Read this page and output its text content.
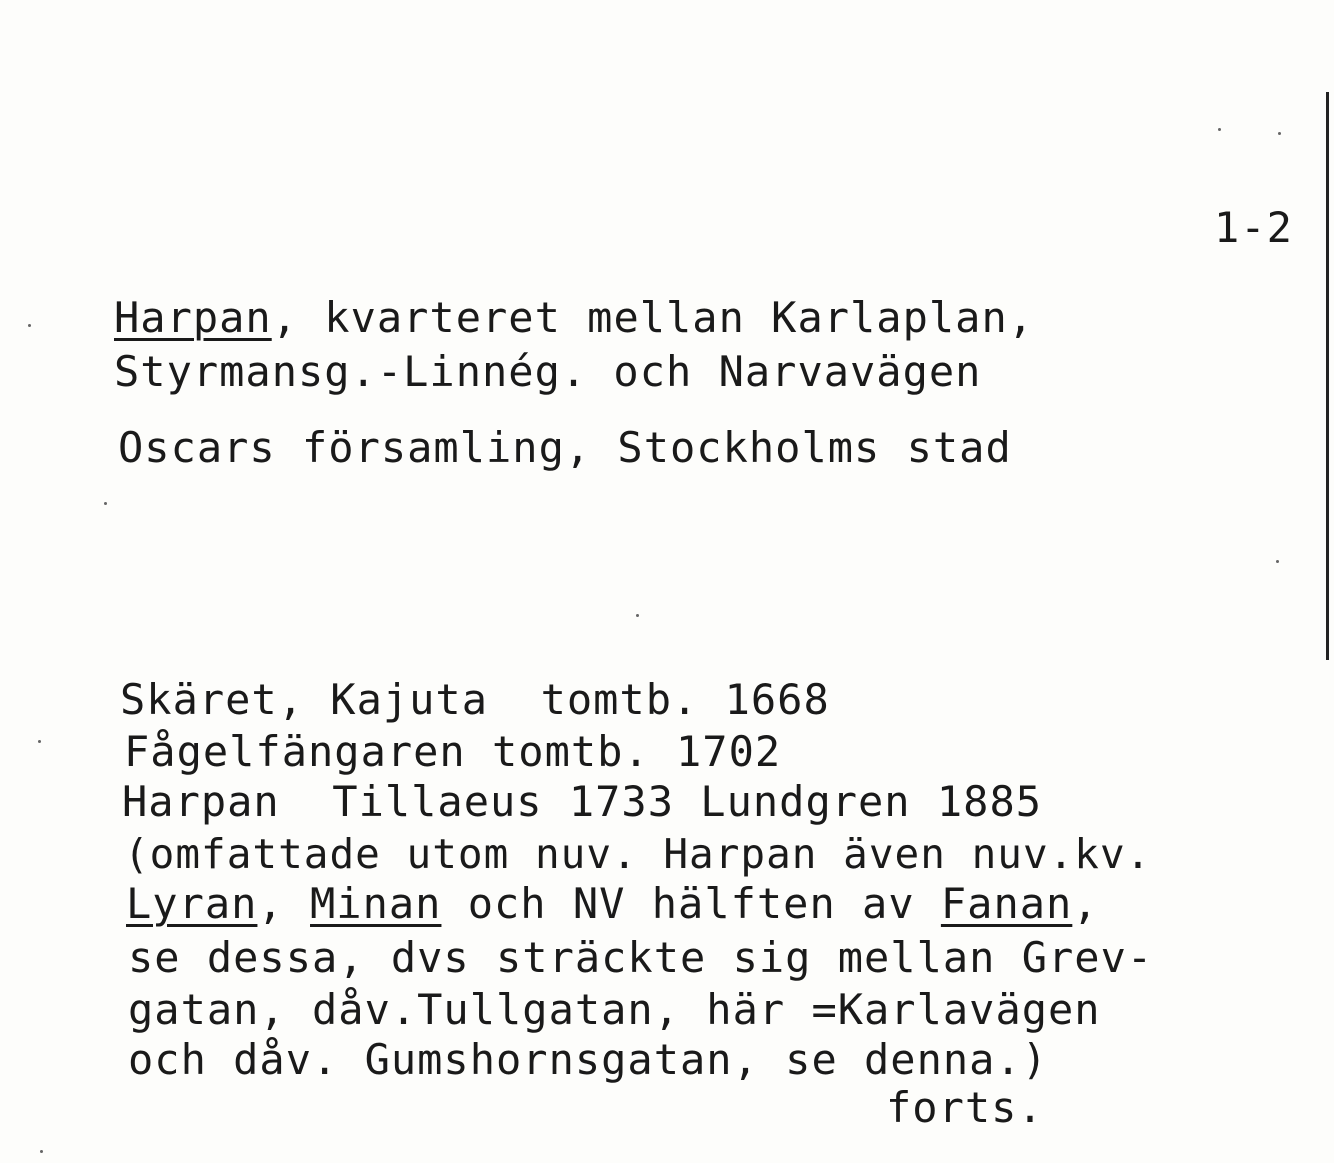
1-2
Harpan, kvarteret mellan Karlaplan,
Styrmansg.-Linnég. och Narvavägen
Oscars församling, Stockholms stad
Skäret, Kajuta  tomtb. 1668
Fågelfängaren tomtb. 1702
Harpan  Tillaeus 1733 Lundgren 1885
(omfattade utom nuv. Harpan även nuv.kv.
Lyran, Minan och NV hälften av Fanan,
se dessa, dvs sträckte sig mellan Grev-
gatan, dåv.Tullgatan, här =Karlavägen
och dåv. Gumshornsgatan, se denna.)
forts.
